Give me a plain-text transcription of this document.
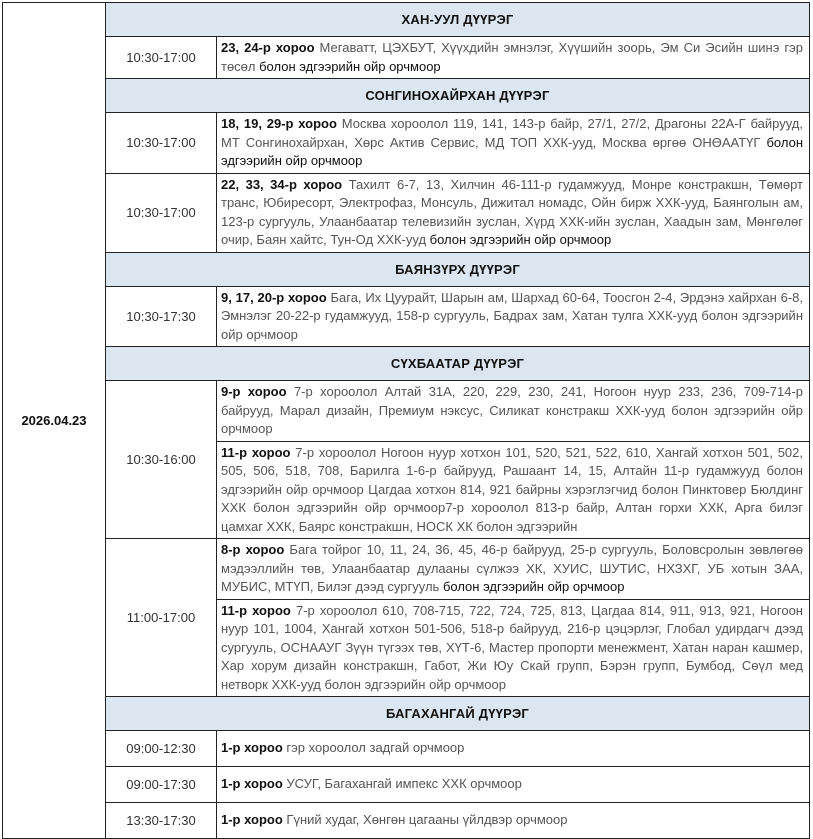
2026.04.23	ХАН-УУЛ ДҮҮРЭГ	
	10:30-17:00	23, 24-р хороо Мегаватт, ЦЭХБУТ, Хүүхдийн эмнэлэг, Хүүшийн зоорь, Эм Си Эсийн шинэ гэр төсөл болон эдгээрийн ойр орчмоор
	СОНГИНОХАЙРХАН ДҮҮРЭГ	
	10:30-17:00	18, 19, 29-р хороо Москва хороолол 119, 141, 143-р байр, 27/1, 27/2, Драгоны 22А-Г байрууд, МТ Сонгинохайрхан, Хөрс Актив Сервис, МД ТОП ХХК-ууд, Москва өргөө ОНӨААТҮГ болон эдгээрийн ойр орчмоор
	10:30-17:00	22, 33, 34-р хороо Тахилт 6-7, 13, Хилчин 46-111-р гудамжууд, Монре констракшн, Төмөрт транс, Юбиресорт, Электрофаз, Монсуль, Дижитал номадс, Ойн бирж ХХК-ууд, Баянголын ам, 123-р сургууль, Улаанбаатар телевизийн зуслан, Хүрд ХХК-ийн зуслан, Хаадын зам, Мөнгөлөг очир, Баян хайтс, Тун-Од ХХК-ууд болон эдгээрийн ойр орчмоор
	БАЯНЗҮРХ ДҮҮРЭГ	
	10:30-17:30	9, 17, 20-р хороо Бага, Их Цуурайт, Шарын ам, Шархад 60-64, Тоосгон 2-4, Эрдэнэ хайрхан 6-8, Эмнэлэг 20-22-р гудамжууд, 158-р сургууль, Бадрах зам, Хатан тулга ХХК-ууд болон эдгээрийн ойр орчмоор
	СҮХБААТАР ДҮҮРЭГ	
	10:30-16:00	9-р хороо 7-р хороолол Алтай 31А, 220, 229, 230, 241, Ногоон нуур 233, 236, 709-714-р байрууд, Марал дизайн, Премиум нэксус, Силикат констракш ХХК-ууд болон эдгээрийн ойр орчмоор
		11-р хороо 7-р хороолол Ногоон нуур хотхон 101, 520, 521, 522, 610, Хангай хотхон 501, 502, 505, 506, 518, 708, Барилга 1-6-р байрууд, Рашаант 14, 15, Алтайн 11-р гудамжууд болон эдгээрийн ойр орчмоор Цагдаа хотхон 814, 921 байрны хэрэглэгчид болон Пинктовер Бюлдинг ХХК болон эдгээрийн ойр орчмоор7-р хороолол 813-р байр, Алтан горхи ХХК, Арга билэг цамхаг ХХК, Баярс констракшн, НОСК ХК болон эдгээрийн
	11:00-17:00	8-р хороо Бага тойрог 10, 11, 24, 36, 45, 46-р байрууд, 25-р сургууль, Боловсролын зөвлөгөө мэдээллийн төв, Улаанбаатар дулааны сүлжээ ХК, ХУИС, ШУТИС, НХЗХГ, УБ хотын ЗАА, МУБИС, МТҮП, Билэг дээд сургууль болон эдгээрийн ойр орчмоор
		11-р хороо 7-р хороолол 610, 708-715, 722, 724, 725, 813, Цагдаа 814, 911, 913, 921, Ногоон нуур 101, 1004, Хангай хотхон 501-506, 518-р байрууд, 216-р цэцэрлэг, Глобал удирдагч дээд сургууль, ОСНААУГ Зүүн түгээх төв, ХҮТ-6, Мастер пропорти менежмент, Хатан наран кашмер, Хар хорум дизайн констракшн, Габот, Жи Юу Скай групп, Бэрэн групп, Бумбод, Сөүл мед нетворк ХХК-ууд болон эдгээрийн ойр орчмоор
	БАГАХАНГАЙ ДҮҮРЭГ	
	09:00-12:30	1-р хороо гэр хороолол задгай орчмоор
	09:00-17:30	1-р хороо УСУГ, Багахангай импекс ХХК орчмоор
	13:30-17:30	1-р хороо Гүний худаг, Хөнгөн цагааны үйлдвэр орчмоор
